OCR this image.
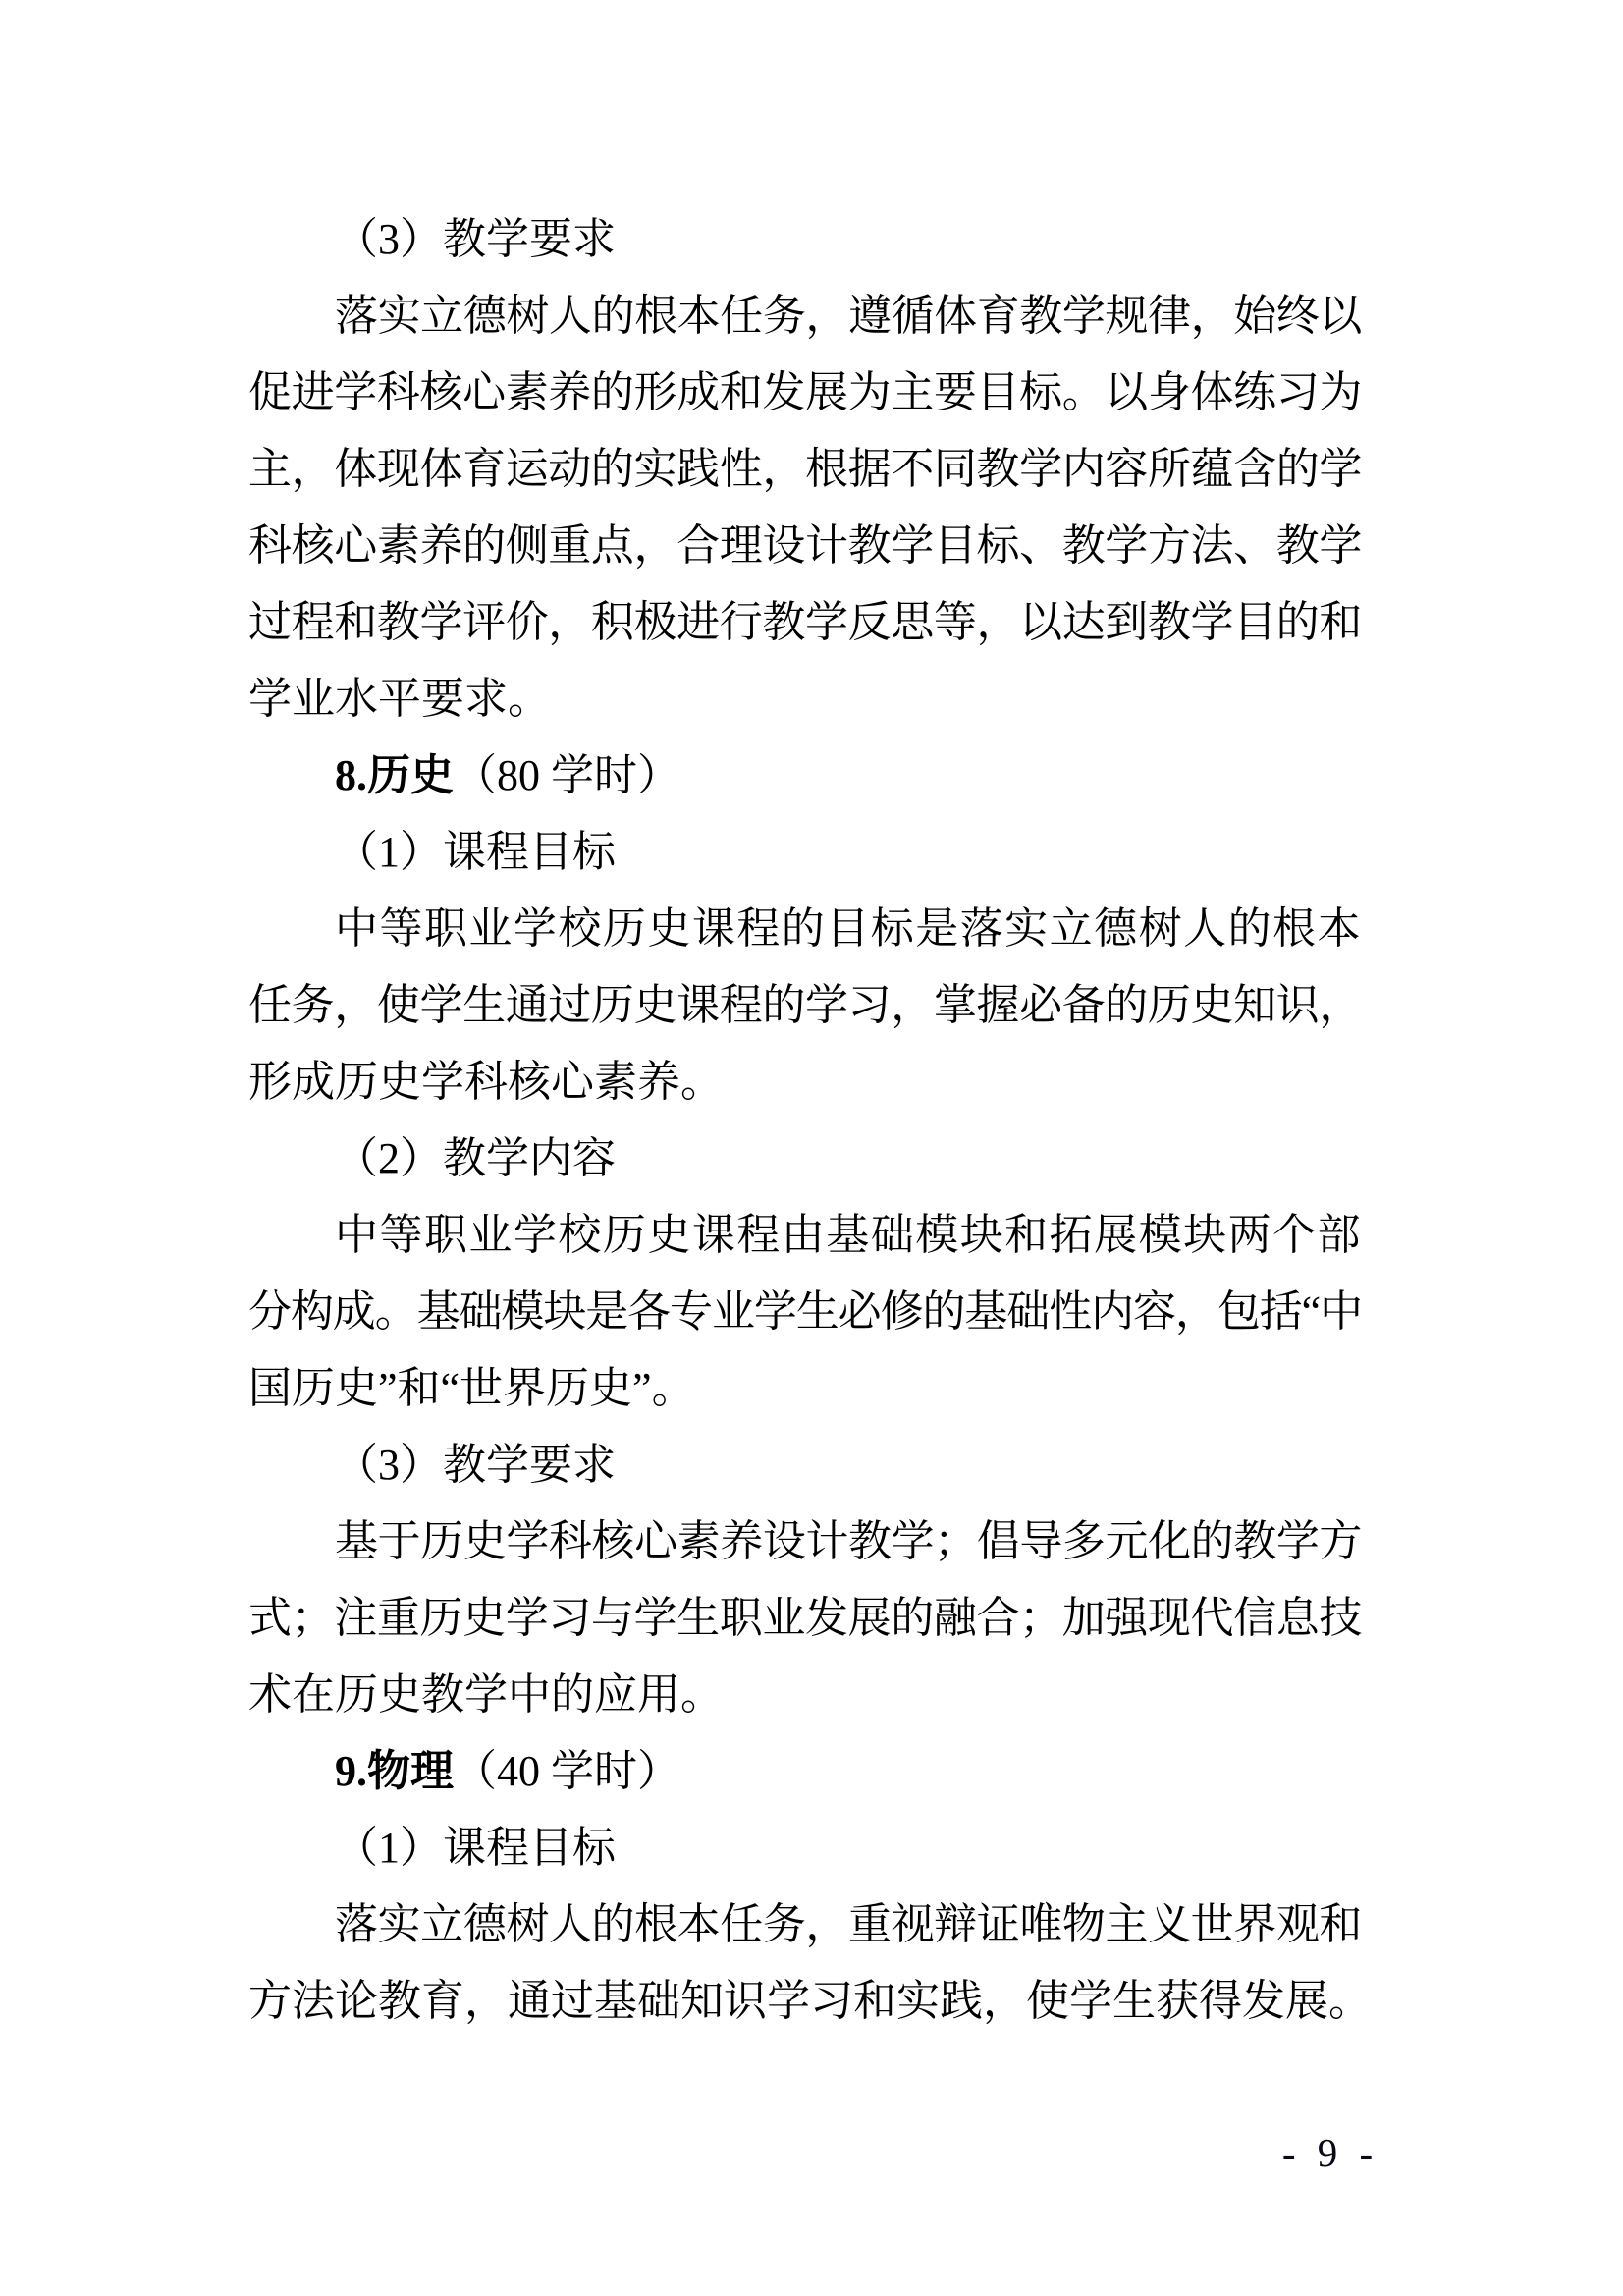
（3）教学要求
落实立德树人的根本任务，遵循体育教学规律，始终以
促进学科核心素养的形成和发展为主要目标。以身体练习为
主，体现体育运动的实践性，根据不同教学内容所蕴含的学
科核心素养的侧重点，合理设计教学目标、教学方法、教学
过程和教学评价，积极进行教学反思等，以达到教学目的和
学业水平要求。
8.历史（80 学时）
（1）课程目标
中等职业学校历史课程的目标是落实立德树人的根本
任务，使学生通过历史课程的学习，掌握必备的历史知识，
形成历史学科核心素养。
（2）教学内容
中等职业学校历史课程由基础模块和拓展模块两个部
分构成。基础模块是各专业学生必修的基础性内容，包括“中
国历史”和“世界历史”。
（3）教学要求
基于历史学科核心素养设计教学；倡导多元化的教学方
式；注重历史学习与学生职业发展的融合；加强现代信息技
术在历史教学中的应用。
9.物理（40 学时）
（1）课程目标
落实立德树人的根本任务，重视辩证唯物主义世界观和
方法论教育，通过基础知识学习和实践，使学生获得发展。
- 9 -
